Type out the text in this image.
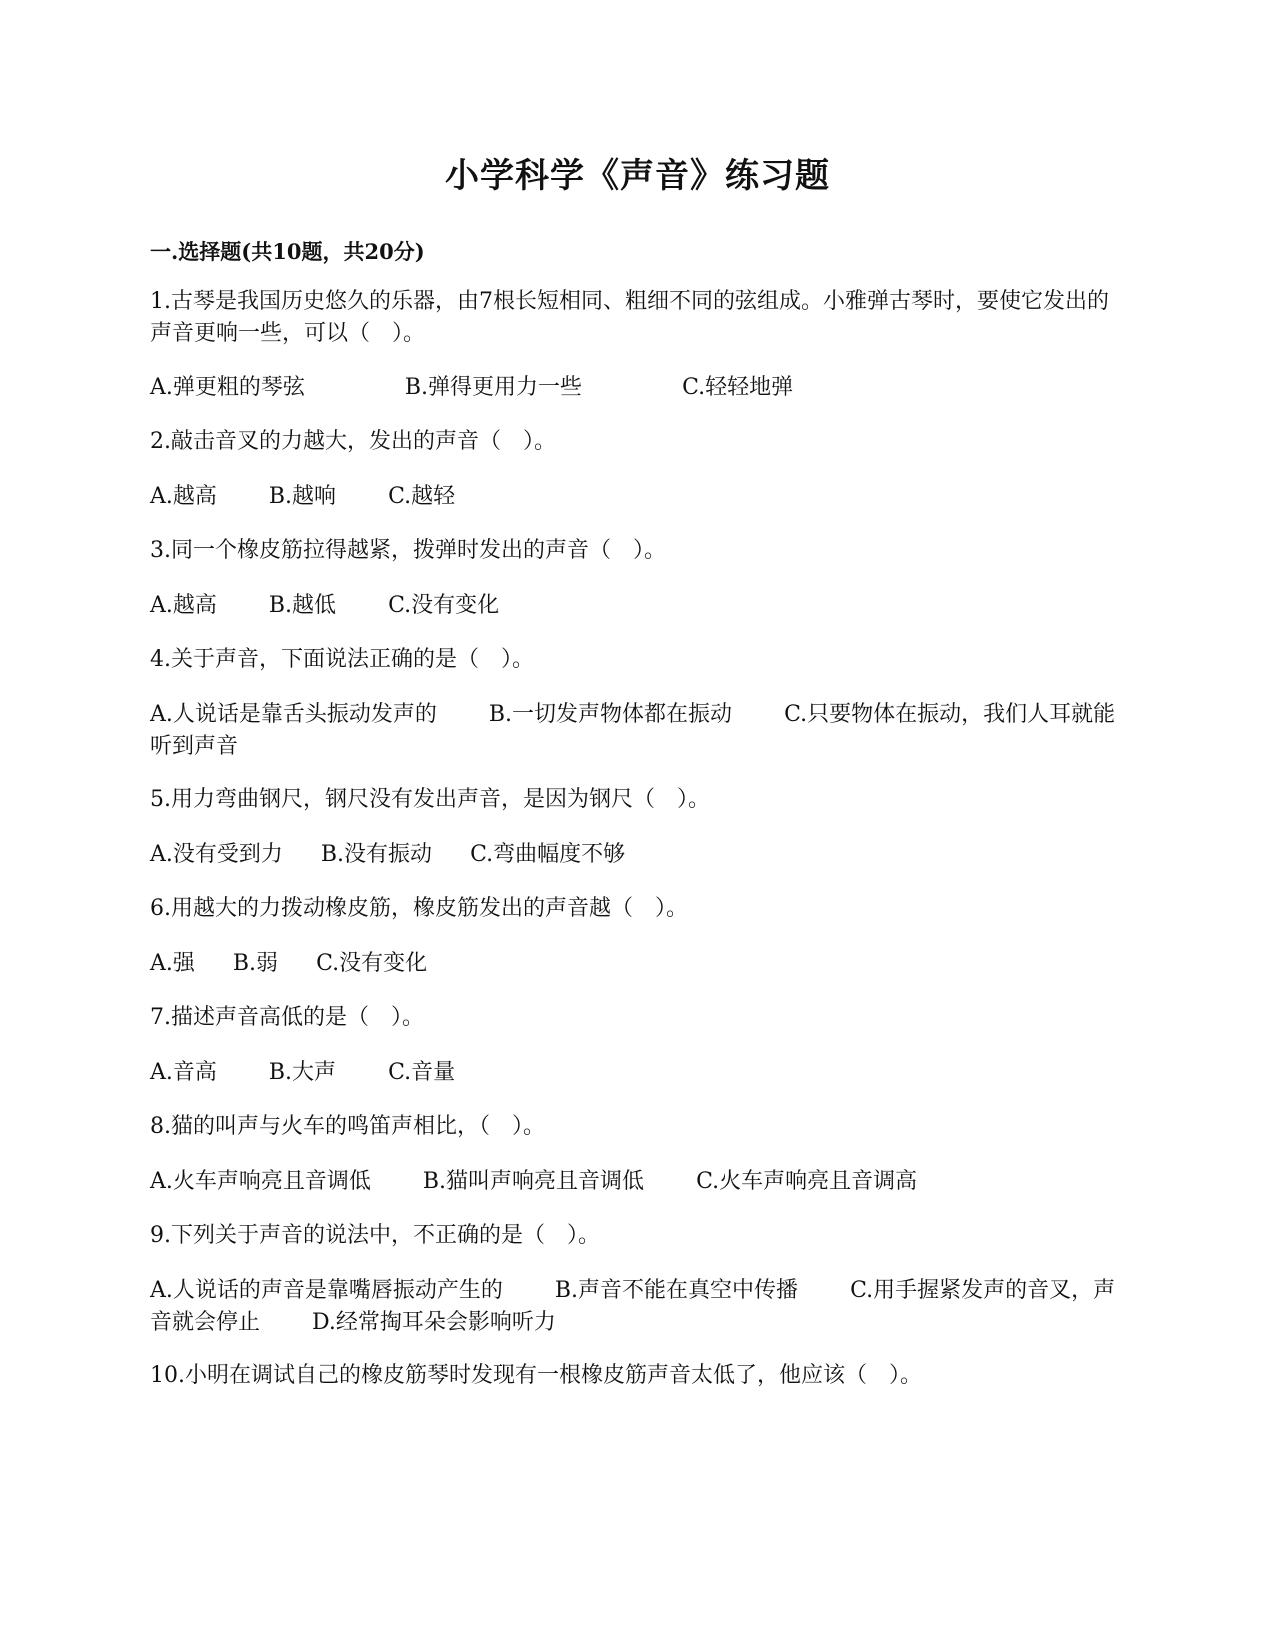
小学科学《声音》练习题
一.选择题(共10题，共20分)
1.古琴是我国历史悠久的乐器，由7根长短相同、粗细不同的弦组成。小雅弹古琴时，要使它发出的声音更响一些，可以（　）。
A.弹更粗的琴弦	B.弹得更用力一些	C.轻轻地弹
2.敲击音叉的力越大，发出的声音（　）。
A.越高 B.越响 C.越轻
3.同一个橡皮筋拉得越紧，拨弹时发出的声音（　）。
A.越高 B.越低 C.没有变化
4.关于声音，下面说法正确的是（　）。
A.人说话是靠舌头振动发声的 B.一切发声物体都在振动 C.只要物体在振动，我们人耳就能听到声音
5.用力弯曲钢尺，钢尺没有发出声音，是因为钢尺（　）。
A.没有受到力 B.没有振动 C.弯曲幅度不够
6.用越大的力拨动橡皮筋，橡皮筋发出的声音越（　）。
A.强 B.弱 C.没有变化
7.描述声音高低的是（　）。
A.音高 B.大声 C.音量
8.猫的叫声与火车的鸣笛声相比，（　）。
A.火车声响亮且音调低 B.猫叫声响亮且音调低 C.火车声响亮且音调高
9.下列关于声音的说法中，不正确的是（　）。
A.人说话的声音是靠嘴唇振动产生的 B.声音不能在真空中传播 C.用手握紧发声的音叉，声音就会停止 D.经常掏耳朵会影响听力
10.小明在调试自己的橡皮筋琴时发现有一根橡皮筋声音太低了，他应该（　）。
